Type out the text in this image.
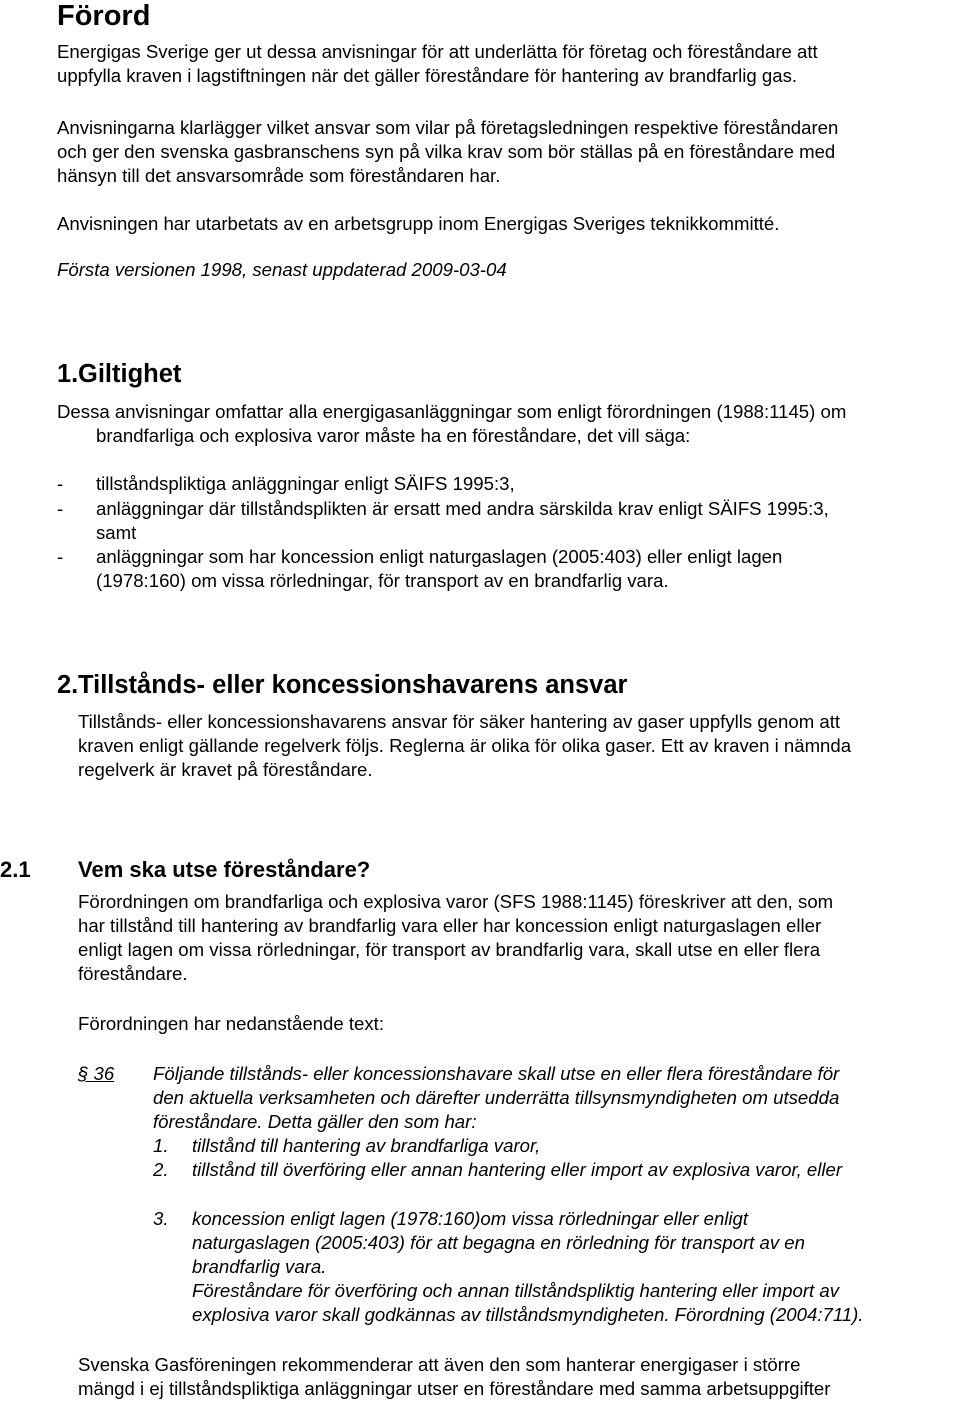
Förord
Energigas Sverige ger ut dessa anvisningar för att underlätta för företag och föreståndare att
uppfylla kraven i lagstiftningen när det gäller föreståndare för hantering av brandfarlig gas.
Anvisningarna klarlägger vilket ansvar som vilar på företagsledningen respektive föreståndaren
och ger den svenska gasbranschens syn på vilka krav som bör ställas på en föreståndare med
hänsyn till det ansvarsområde som föreståndaren har.
Anvisningen har utarbetats av en arbetsgrupp inom Energigas Sveriges teknikkommitté.
Första versionen 1998, senast uppdaterad 2009-03-04
1. Giltighet
Dessa anvisningar omfattar alla energigasanläggningar som enligt förordningen (1988:1145) om
brandfarliga och explosiva varor måste ha en föreståndare, det vill säga:
- tillståndspliktiga anläggningar enligt SÄIFS 1995:3,
- anläggningar där tillståndsplikten är ersatt med andra särskilda krav enligt SÄIFS 1995:3,
samt
- anläggningar som har koncession enligt naturgaslagen (2005:403) eller enligt lagen
(1978:160) om vissa rörledningar, för transport av en brandfarlig vara.
2. Tillstånds- eller koncessionshavarens ansvar
Tillstånds- eller koncessionshavarens ansvar för säker hantering av gaser uppfylls genom att
kraven enligt gällande regelverk följs. Reglerna är olika för olika gaser. Ett av kraven i nämnda
regelverk är kravet på föreståndare.
2.1 Vem ska utse föreståndare?
Förordningen om brandfarliga och explosiva varor (SFS 1988:1145) föreskriver att den, som
har tillstånd till hantering av brandfarlig vara eller har koncession enligt naturgaslagen eller
enligt lagen om vissa rörledningar, för transport av brandfarlig vara, skall utse en eller flera
föreståndare.
Förordningen har nedanstående text:
§ 36 Följande tillstånds- eller koncessionshavare skall utse en eller flera föreståndare för
den aktuella verksamheten och därefter underrätta tillsynsmyndigheten om utsedda
föreståndare. Detta gäller den som har:
1. tillstånd till hantering av brandfarliga varor,
2. tillstånd till överföring eller annan hantering eller import av explosiva varor, eller
3. koncession enligt lagen (1978:160)om vissa rörledningar eller enligt
naturgaslagen (2005:403) för att begagna en rörledning för transport av en
brandfarlig vara.
Föreståndare för överföring och annan tillståndspliktig hantering eller import av
explosiva varor skall godkännas av tillståndsmyndigheten. Förordning (2004:711).
Svenska Gasföreningen rekommenderar att även den som hanterar energigaser i större
mängd i ej tillståndspliktiga anläggningar utser en föreståndare med samma arbetsuppgifter
